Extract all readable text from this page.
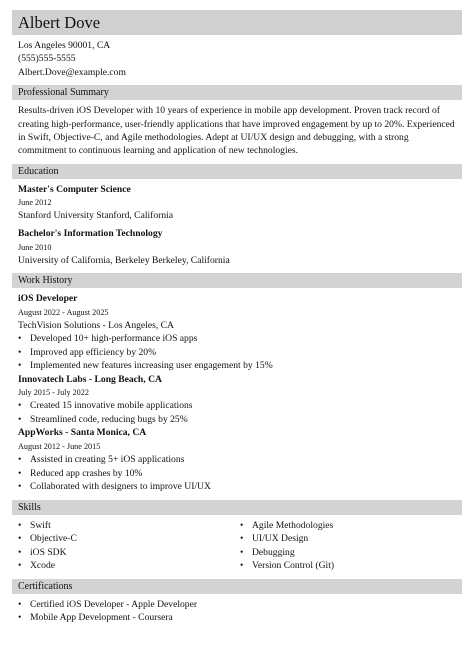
Albert Dove
Los Angeles 90001, CA
(555)555-5555
Albert.Dove@example.com
Professional Summary
Results-driven iOS Developer with 10 years of experience in mobile app development. Proven track record of creating high-performance, user-friendly applications that have improved engagement by up to 20%. Experienced in Swift, Objective-C, and Agile methodologies. Adept at UI/UX design and debugging, with a strong commitment to continuous learning and application of new technologies.
Education
Master's Computer Science
June 2012
Stanford University Stanford, California
Bachelor's Information Technology
June 2010
University of California, Berkeley Berkeley, California
Work History
iOS Developer
August 2022 - August 2025
TechVision Solutions - Los Angeles, CA
• Developed 10+ high-performance iOS apps
• Improved app efficiency by 20%
• Implemented new features increasing user engagement by 15%
Innovatech Labs - Long Beach, CA
July 2015 - July 2022
• Created 15 innovative mobile applications
• Streamlined code, reducing bugs by 25%
AppWorks - Santa Monica, CA
August 2012 - June 2015
• Assisted in creating 5+ iOS applications
• Reduced app crashes by 10%
• Collaborated with designers to improve UI/UX
Skills
• Swift
• Objective-C
• iOS SDK
• Xcode
• Agile Methodologies
• UI/UX Design
• Debugging
• Version Control (Git)
Certifications
• Certified iOS Developer - Apple Developer
• Mobile App Development - Coursera
